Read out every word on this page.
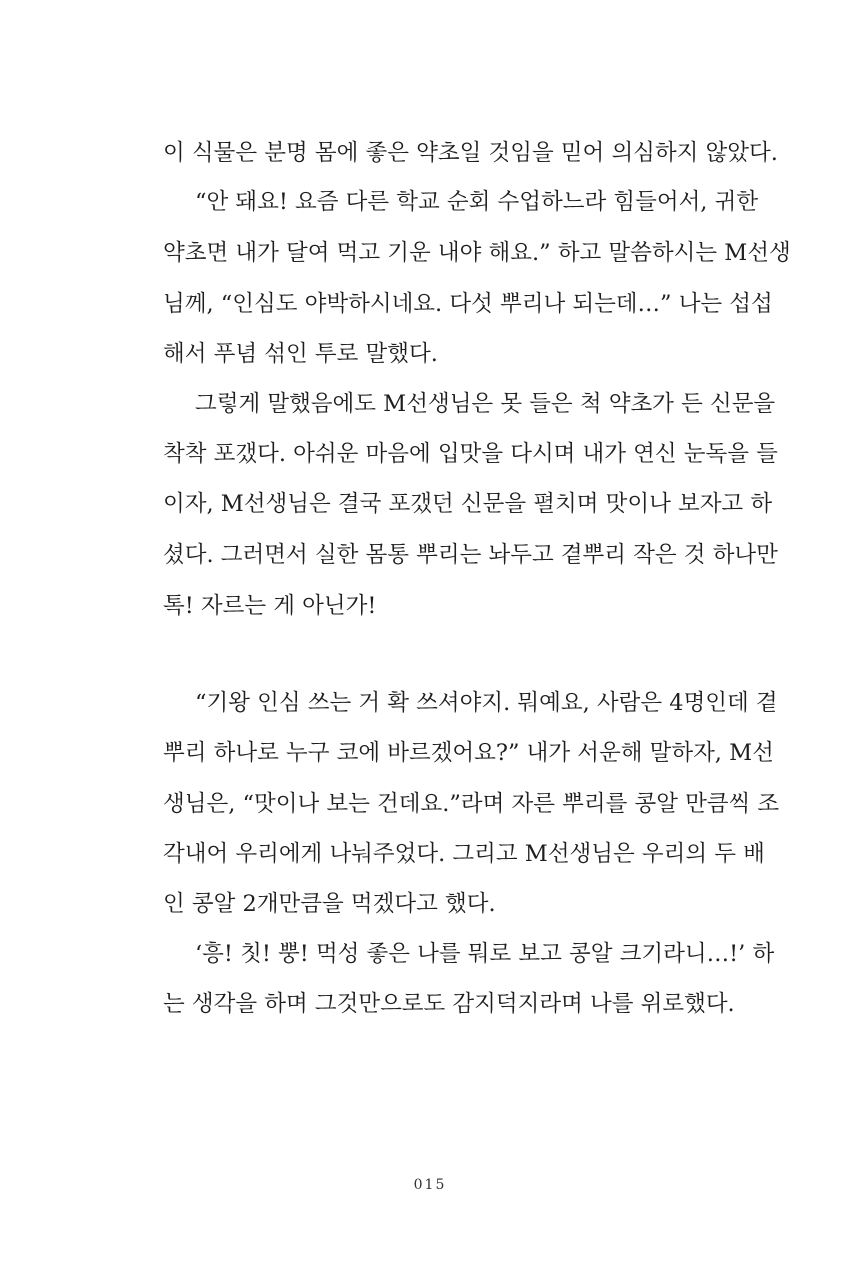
이 식물은 분명 몸에 좋은 약초일 것임을 믿어 의심하지 않았다.
“안 돼요! 요즘 다른 학교 순회 수업하느라 힘들어서, 귀한
약초면 내가 달여 먹고 기운 내야 해요.” 하고 말씀하시는 M선생
님께, “인심도 야박하시네요. 다섯 뿌리나 되는데…” 나는 섭섭
해서 푸념 섞인 투로 말했다.
그렇게 말했음에도 M선생님은 못 들은 척 약초가 든 신문을
착착 포갰다. 아쉬운 마음에 입맛을 다시며 내가 연신 눈독을 들
이자, M선생님은 결국 포갰던 신문을 펼치며 맛이나 보자고 하
셨다. 그러면서 실한 몸통 뿌리는 놔두고 곁뿌리 작은 것 하나만
톡! 자르는 게 아닌가!
“기왕 인심 쓰는 거 확 쓰셔야지. 뭐예요, 사람은 4명인데 곁
뿌리 하나로 누구 코에 바르겠어요?” 내가 서운해 말하자, M선
생님은, “맛이나 보는 건데요.”라며 자른 뿌리를 콩알 만큼씩 조
각내어 우리에게 나눠주었다. 그리고 M선생님은 우리의 두 배
인 콩알 2개만큼을 먹겠다고 했다.
‘흥! 칫! 뿡! 먹성 좋은 나를 뭐로 보고 콩알 크기라니…!’ 하
는 생각을 하며 그것만으로도 감지덕지라며 나를 위로했다.
015
